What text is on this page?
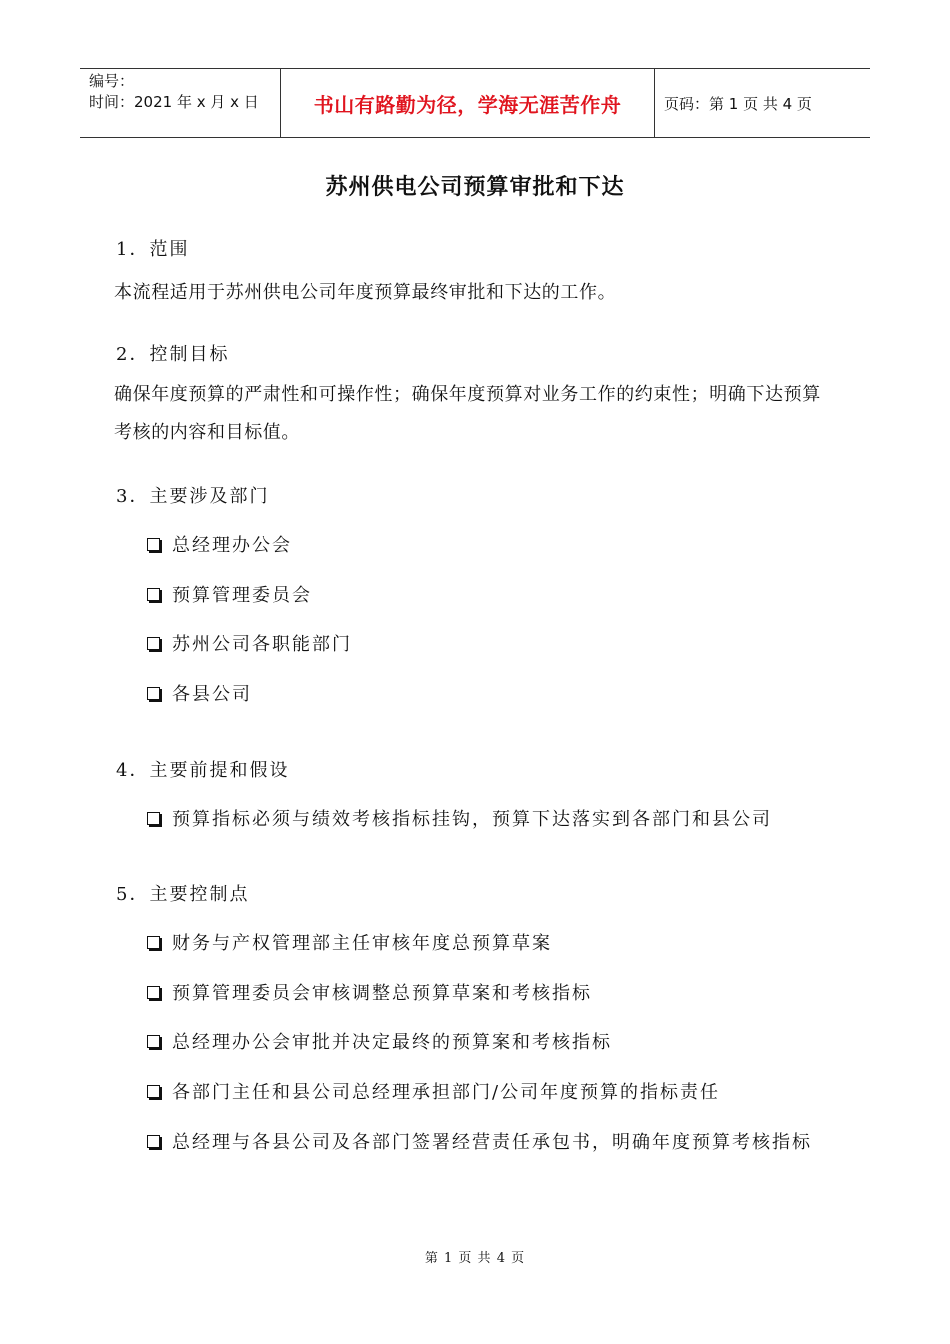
编号：
时间：2021 年 x 月 x 日	书山有路勤为径，学海无涯苦作舟	页码：第 1 页 共 4 页
苏州供电公司预算审批和下达
1．范围
本流程适用于苏州供电公司年度预算最终审批和下达的工作。
2．控制目标
确保年度预算的严肃性和可操作性；确保年度预算对业务工作的约束性；明确下达预算考核的内容和目标值。
3．主要涉及部门
总经理办公会
预算管理委员会
苏州公司各职能部门
各县公司
4．主要前提和假设
预算指标必须与绩效考核指标挂钩，预算下达落实到各部门和县公司
5．主要控制点
财务与产权管理部主任审核年度总预算草案
预算管理委员会审核调整总预算草案和考核指标
总经理办公会审批并决定最终的预算案和考核指标
各部门主任和县公司总经理承担部门/公司年度预算的指标责任
总经理与各县公司及各部门签署经营责任承包书，明确年度预算考核指标
第 1 页 共 4 页
